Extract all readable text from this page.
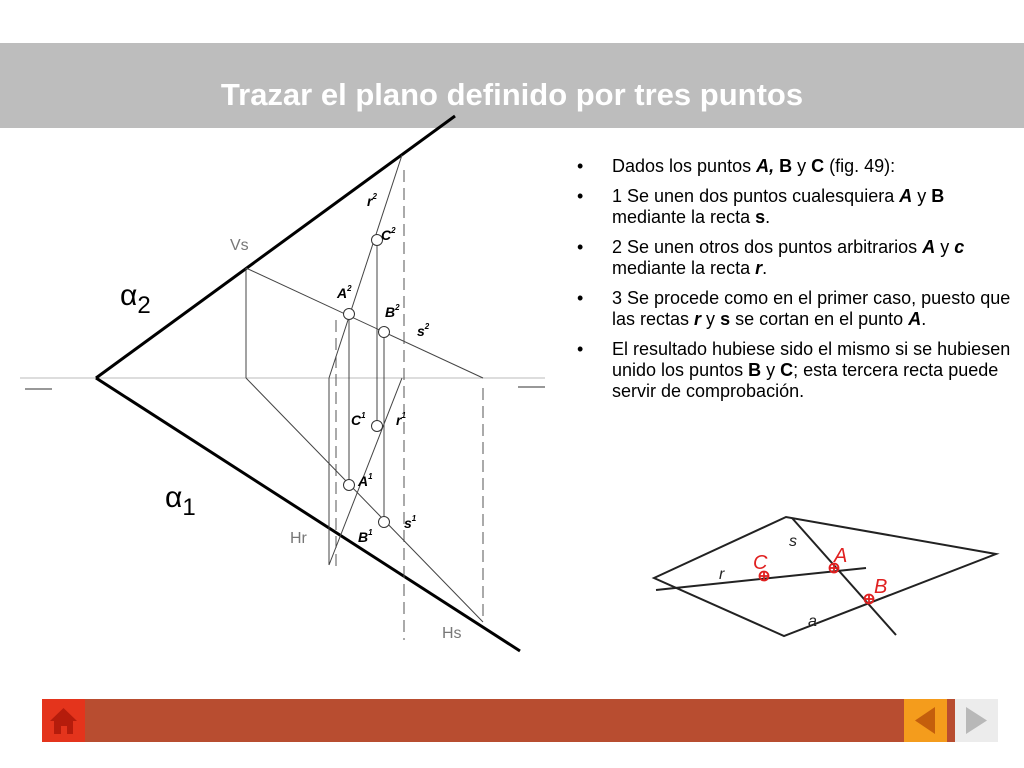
Trazar el plano definido por tres puntos
$\alpha_2$
$\alpha_1$
Vs
Hr
Hs
$r^2$
$C^2$
$A^2$
$B^2$
$s^2$
$C^1$ $r^1$
$A^1$
$s^1$
$B^1$
• Dados los puntos A, B y C (fig. 49):
• 1 Se unen dos puntos cualesquiera A y B mediante la recta s.
• 2 Se unen otros dos puntos arbitrarios A y c mediante la recta r.
• 3 Se procede como en el primer caso, puesto que las rectas r y s se cortan en el punto A.
• El resultado hubiese sido el mismo si se hubiesen unido los puntos B y C; esta tercera recta puede servir de comprobación.
A
C
B
s
r
a
